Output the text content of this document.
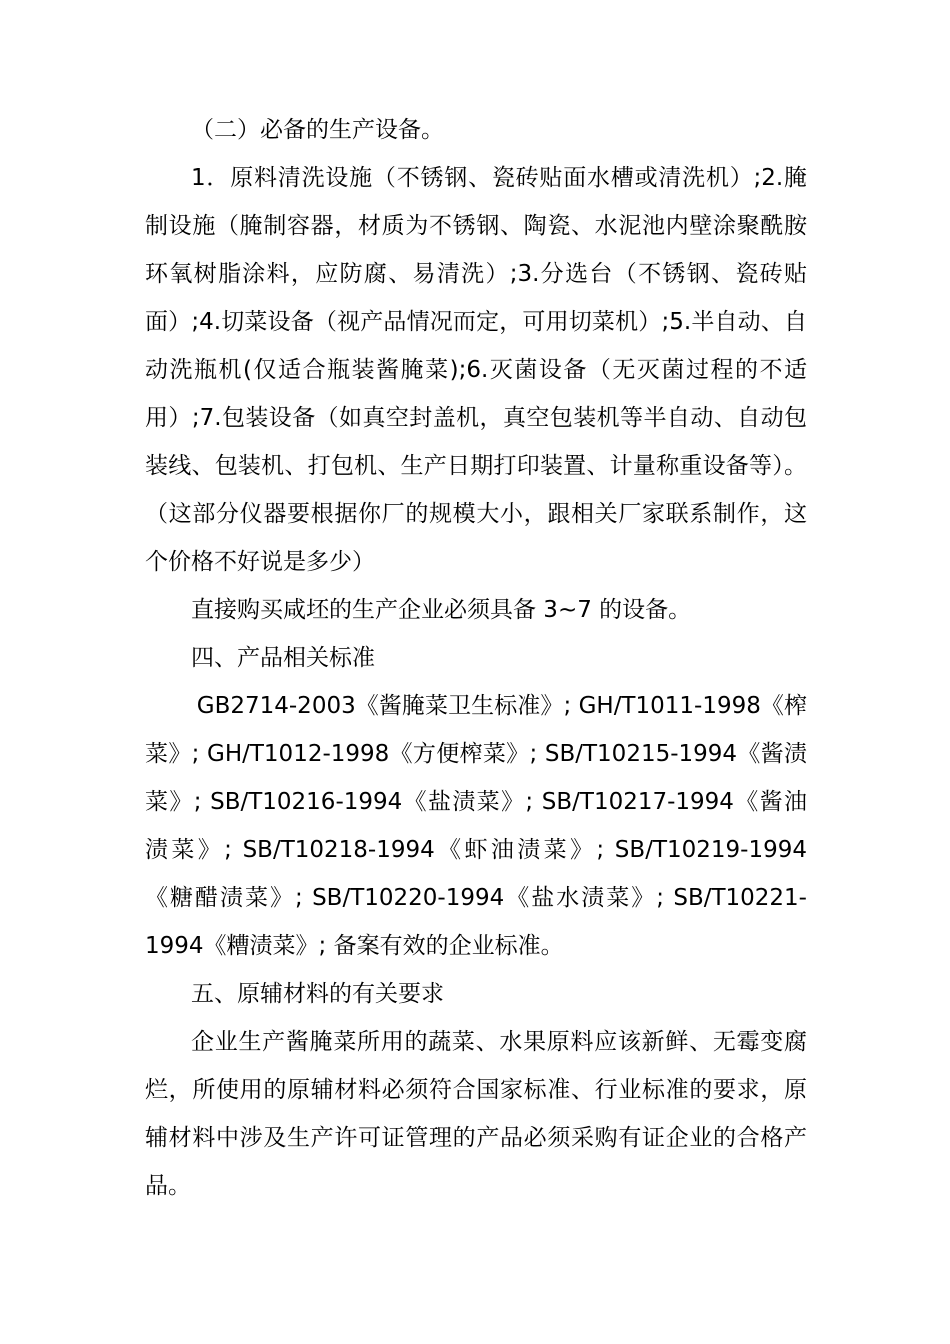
（二）必备的生产设备。

1．原料清洗设施（不锈钢、瓷砖贴面水槽或清洗机）;2.腌制设施（腌制容器，材质为不锈钢、陶瓷、水泥池内壁涂聚酰胺环氧树脂涂料，应防腐、易清洗）;3.分选台（不锈钢、瓷砖贴面）;4.切菜设备（视产品情况而定，可用切菜机）;5.半自动、自动洗瓶机(仅适合瓶装酱腌菜);6.灭菌设备（无灭菌过程的不适用）;7.包装设备（如真空封盖机，真空包装机等半自动、自动包装线、包装机、打包机、生产日期打印装置、计量称重设备等）。（这部分仪器要根据你厂的规模大小，跟相关厂家联系制作，这个价格不好说是多少）

直接购买咸坯的生产企业必须具备 3~7 的设备。

四、产品相关标准

GB2714-2003《酱腌菜卫生标准》; GH/T1011-1998《榨菜》; GH/T1012-1998《方便榨菜》; SB/T10215-1994《酱渍菜》; SB/T10216-1994《盐渍菜》; SB/T10217-1994《酱油渍菜》; SB/T10218-1994《虾油渍菜》; SB/T10219-1994《糖醋渍菜》; SB/T10220-1994《盐水渍菜》; SB/T10221-1994《糟渍菜》; 备案有效的企业标准。

五、原辅材料的有关要求

企业生产酱腌菜所用的蔬菜、水果原料应该新鲜、无霉变腐烂，所使用的原辅材料必须符合国家标准、行业标准的要求，原辅材料中涉及生产许可证管理的产品必须采购有证企业的合格产品。
